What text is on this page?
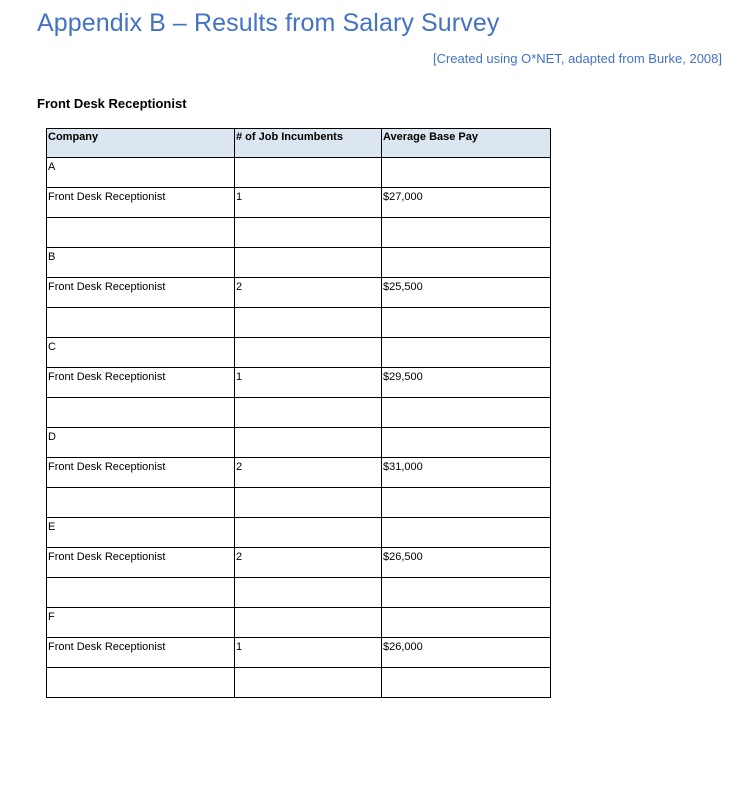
Appendix B – Results from Salary Survey
[Created using O*NET, adapted from Burke, 2008]
Front Desk Receptionist
Company	# of Job Incumbents	Average Base Pay
A		
Front Desk Receptionist	1	$27,000

B		
Front Desk Receptionist	2	$25,500

C		
Front Desk Receptionist	1	$29,500

D		
Front Desk Receptionist	2	$31,000

E		
Front Desk Receptionist	2	$26,500

F		
Front Desk Receptionist	1	$26,000
